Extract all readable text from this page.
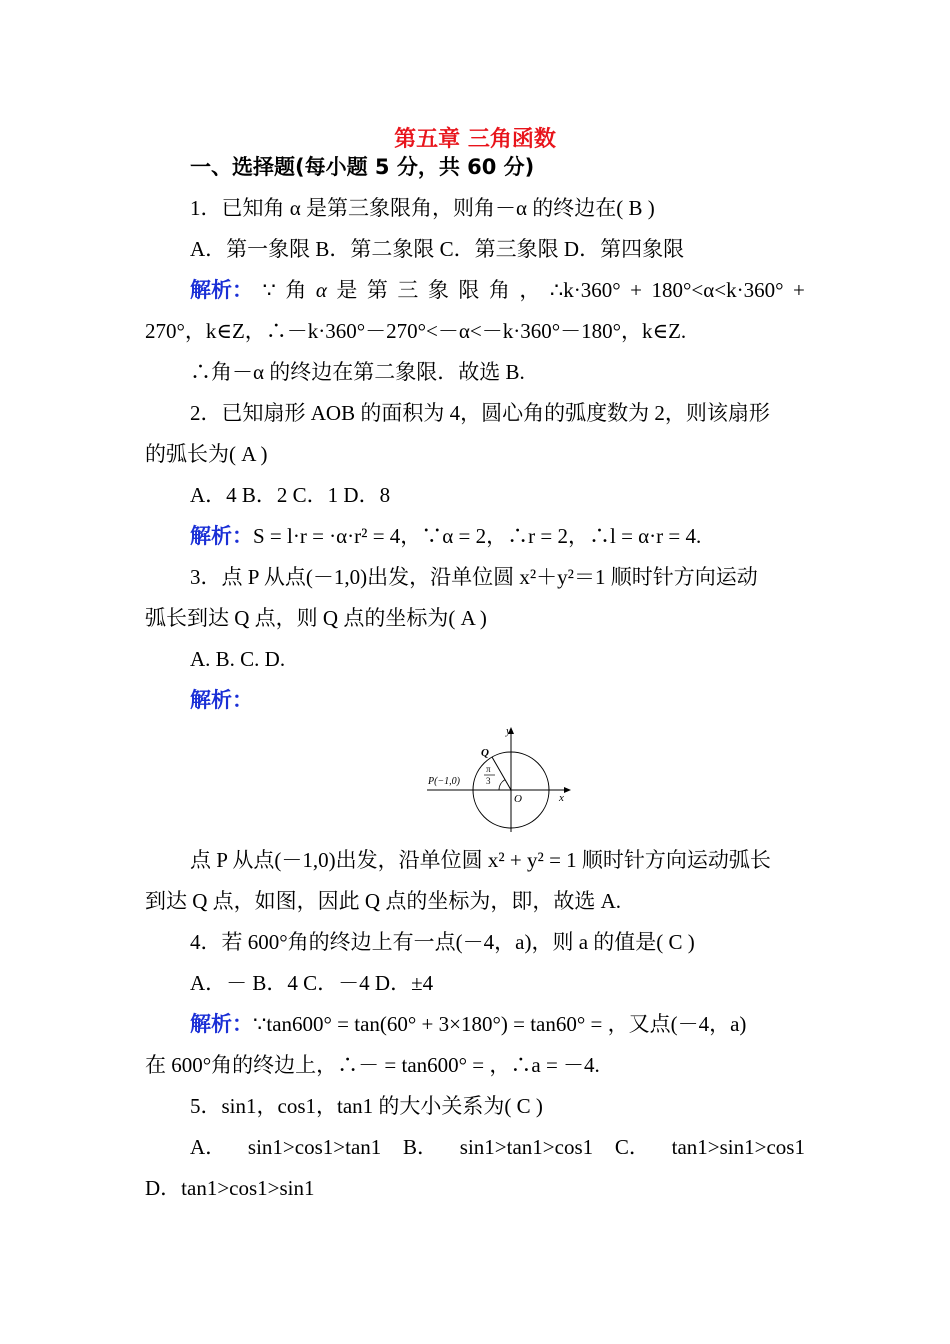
第五章 三角函数
一、选择题(每小题 5 分，共 60 分)
1．已知角 α 是第三象限角，则角－α 的终边在( B )
A．第一象限 B．第二象限 C．第三象限 D．第四象限
解析： ∵ 角 α 是 第 三 象 限 角 ， ∴k·360° + 180°<α<k·360° +
270°，k∈Z，∴－k·360°－270°<－α<－k·360°－180°，k∈Z.
∴角－α 的终边在第二象限．故选 B.
2．已知扇形 AOB 的面积为 4，圆心角的弧度数为 2，则该扇形
的弧长为( A )
A．4 B．2 C．1 D．8
解析：S = l·r = ·α·r² = 4，∵α = 2，∴r = 2，∴l = α·r = 4.
3．点 P 从点(－1,0)出发，沿单位圆 x²＋y²＝1 顺时针方向运动
弧长到达 Q 点，则 Q 点的坐标为( A )
A. B. C. D.
解析：
y
x
Q
P(−1,0)
O
π
3
点 P 从点(－1,0)出发，沿单位圆 x² + y² = 1 顺时针方向运动弧长
到达 Q 点，如图，因此 Q 点的坐标为，即，故选 A.
4．若 600°角的终边上有一点(－4，a)，则 a 的值是( C )
A．－ B．4 C．－4 D．±4
解析：∵tan600° = tan(60° + 3×180°) = tan60° = ，又点(－4，a)
在 600°角的终边上，∴－ = tan600° = ，∴a = －4.
5．sin1，cos1，tan1 的大小关系为( C )
A． sin1>cos1>tan1 B． sin1>tan1>cos1 C． tan1>sin1>cos1
D．tan1>cos1>sin1
